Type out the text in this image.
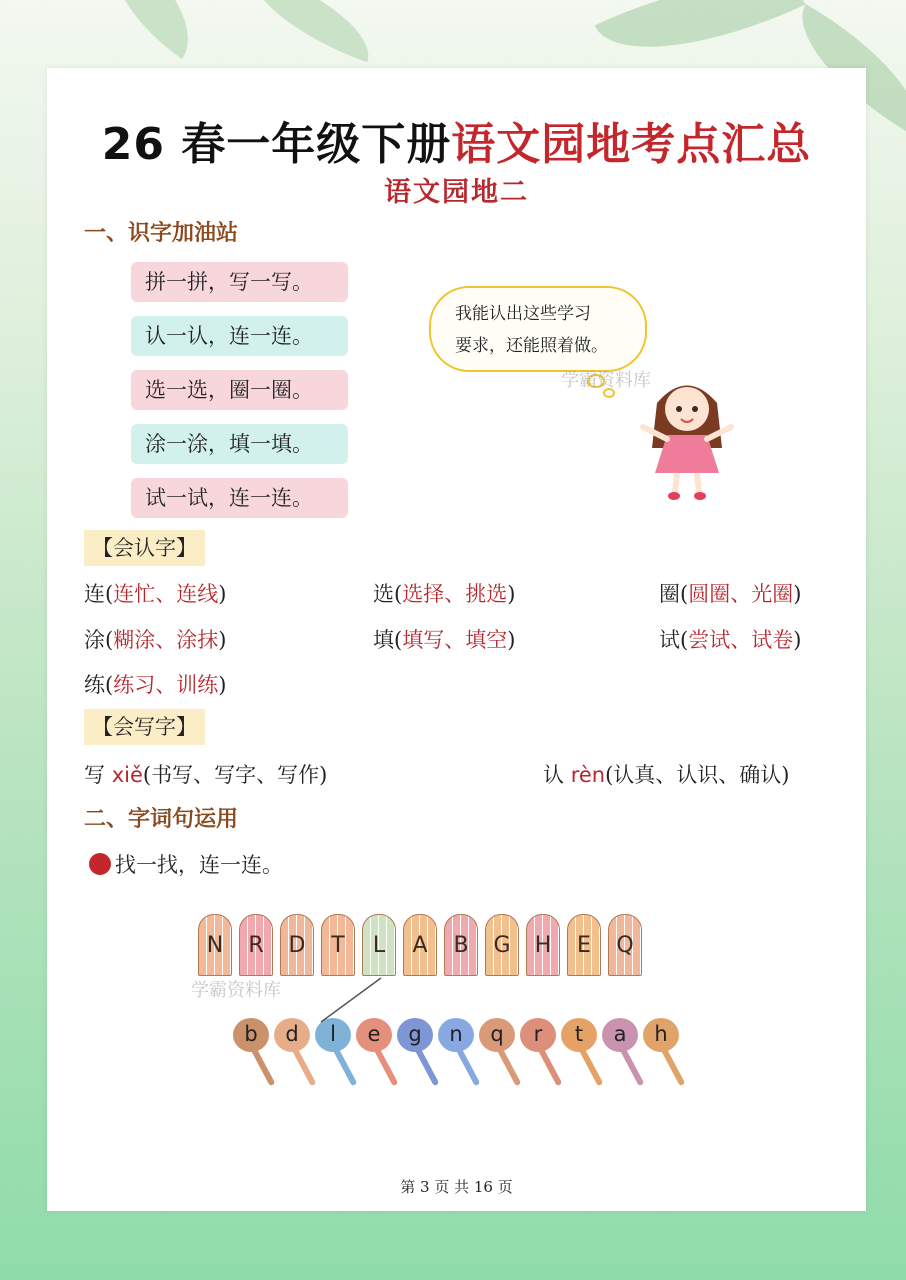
26 春一年级下册语文园地考点汇总
语文园地二
一、识字加油站
拼一拼，写一写。
认一认，连一连。
选一选，圈一圈。
涂一涂，填一填。
试一试，连一连。
我能认出这些学习
要求，还能照着做。
【会认字】
连(连忙、连线)	选(选择、挑选)	圈(圆圈、光圈)
涂(糊涂、涂抹)	填(填写、填空)	试(尝试、试卷)
练(练习、训练)
【会写字】
写 xiě(书写、写字、写作)	认 rèn(认真、认识、确认)
二、字词句运用
找一找，连一连。
N	R	D	T	L	A	B	G	H	E	Q
b	d	l	e	g	n	q	r	t	a	h
学霸资料库
学霸资料库
第 3 页 共 16 页
